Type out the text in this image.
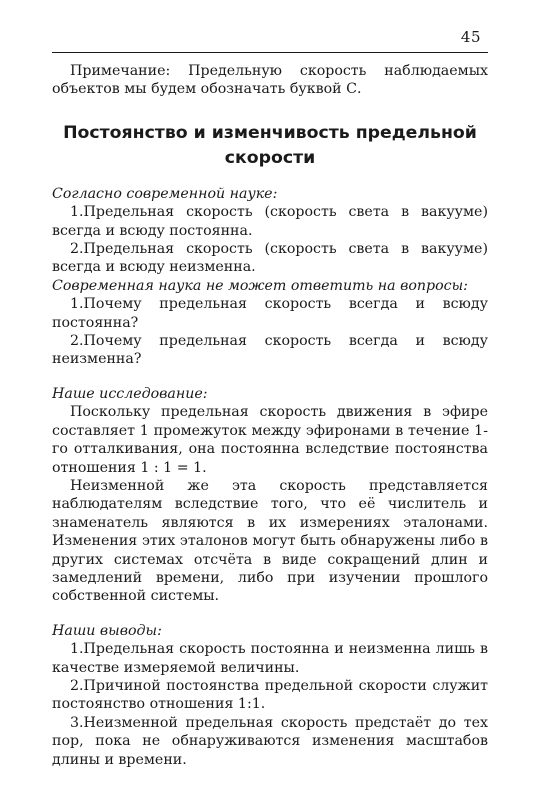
45

Примечание: Предельную скорость наблюдаемых объектов мы будем обозначать буквой С.

Постоянство и изменчивость предельной скорости

Согласно современной науке:

1.Предельная скорость (скорость света в вакууме) всегда и всюду постоянна.

2.Предельная скорость (скорость света в вакууме) всегда и всюду неизменна.

Современная наука не может ответить на вопросы:

1.Почему предельная скорость всегда и всюду постоянна?

2.Почему предельная скорость всегда и всюду неизменна?

Наше исследование:

Поскольку предельная скорость движения в эфире составляет 1 промежуток между эфиронами в течение 1-го отталкивания, она постоянна вследствие постоянства отношения 1 : 1 = 1.

Неизменной же эта скорость представляется наблюдателям вследствие того, что её числитель и знаменатель являются в их измерениях эталонами. Изменения этих эталонов могут быть обнаружены либо в других системах отсчёта в виде сокращений длин и замедлений времени, либо при изучении прошлого собственной системы.

Наши выводы:

1.Предельная скорость постоянна и неизменна лишь в качестве измеряемой величины.

2.Причиной постоянства предельной скорости служит постоянство отношения 1:1.

3.Неизменной предельная скорость предстаёт до тех пор, пока не обнаруживаются изменения масштабов длины и времени.
